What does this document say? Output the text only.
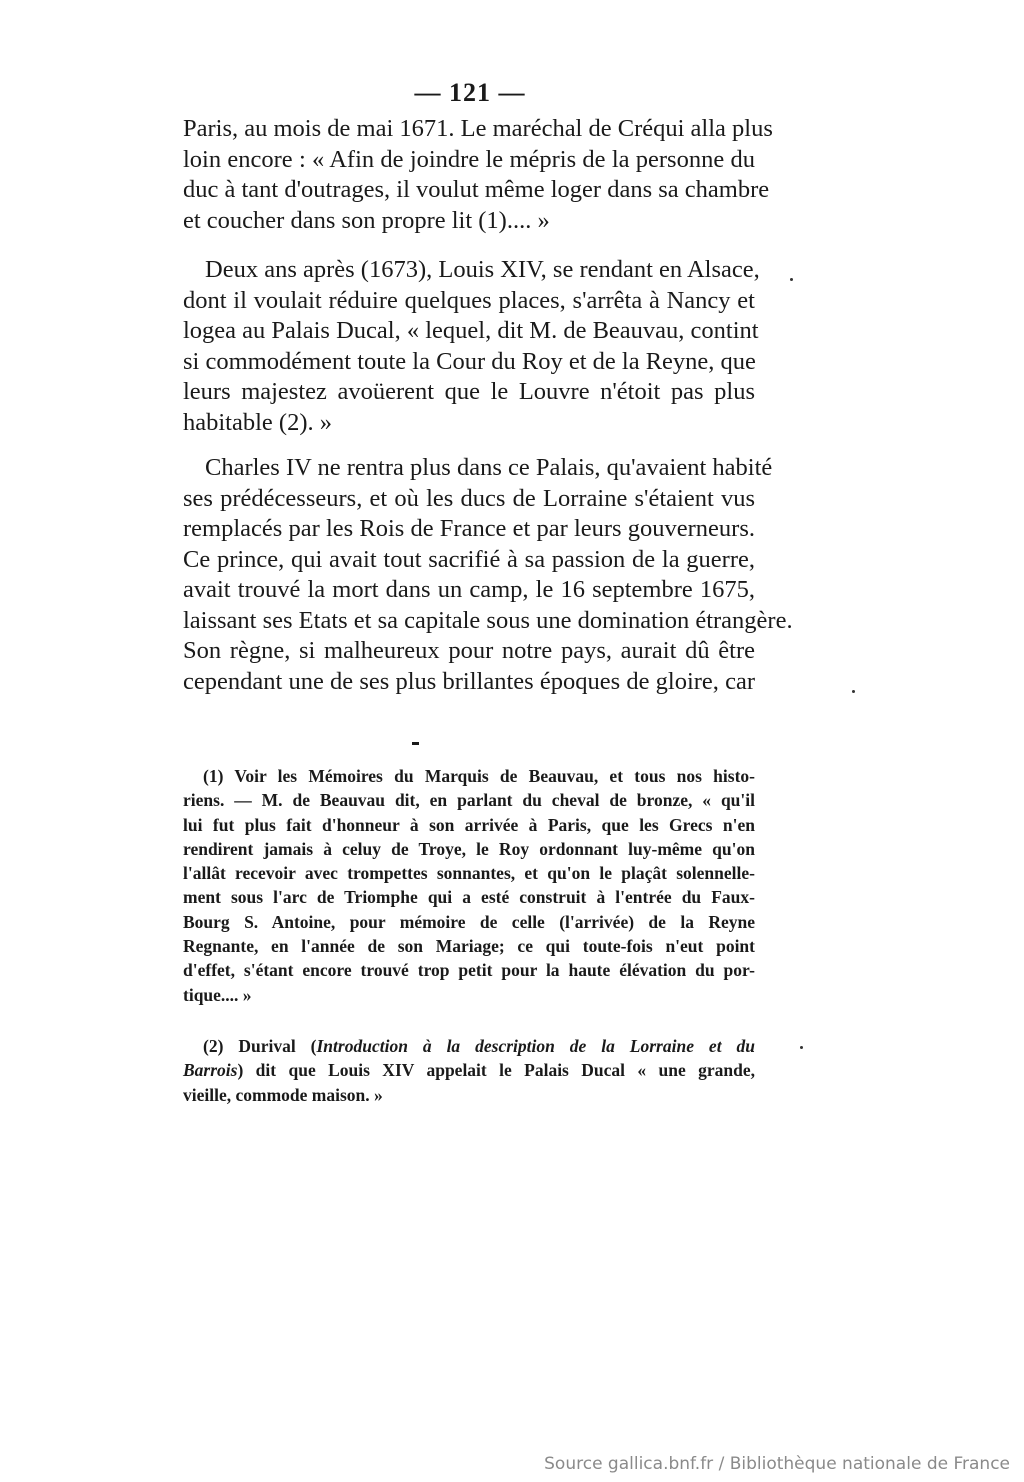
— 121 —
Paris, au mois de mai 1671. Le maréchal de Créqui alla plus
loin encore : « Afin de joindre le mépris de la personne du
duc à tant d'outrages, il voulut même loger dans sa chambre
et coucher dans son propre lit (1).... »
Deux ans après (1673), Louis XIV, se rendant en Alsace,
dont il voulait réduire quelques places, s'arrêta à Nancy et
logea au Palais Ducal, « lequel, dit M. de Beauvau, contint
si commodément toute la Cour du Roy et de la Reyne, que
leurs majestez avoüerent que le Louvre n'étoit pas plus
habitable (2). »
Charles IV ne rentra plus dans ce Palais, qu'avaient habité
ses prédécesseurs, et où les ducs de Lorraine s'étaient vus
remplacés par les Rois de France et par leurs gouverneurs.
Ce prince, qui avait tout sacrifié à sa passion de la guerre,
avait trouvé la mort dans un camp, le 16 septembre 1675,
laissant ses Etats et sa capitale sous une domination étrangère.
Son règne, si malheureux pour notre pays, aurait dû être
cependant une de ses plus brillantes époques de gloire, car
(1) Voir les Mémoires du Marquis de Beauvau, et tous nos histo-
riens. — M. de Beauvau dit, en parlant du cheval de bronze, « qu'il
lui fut plus fait d'honneur à son arrivée à Paris, que les Grecs n'en
rendirent jamais à celuy de Troye, le Roy ordonnant luy-même qu'on
l'allât recevoir avec trompettes sonnantes, et qu'on le plaçât solennelle-
ment sous l'arc de Triomphe qui a esté construit à l'entrée du Faux-
Bourg S. Antoine, pour mémoire de celle (l'arrivée) de la Reyne
Regnante, en l'année de son Mariage; ce qui toute-fois n'eut point
d'effet, s'étant encore trouvé trop petit pour la haute élévation du por-
tique.... »
(2) Durival (Introduction à la description de la Lorraine et du
Barrois) dit que Louis XIV appelait le Palais Ducal « une grande,
vieille, commode maison. »
Source gallica.bnf.fr / Bibliothèque nationale de France
